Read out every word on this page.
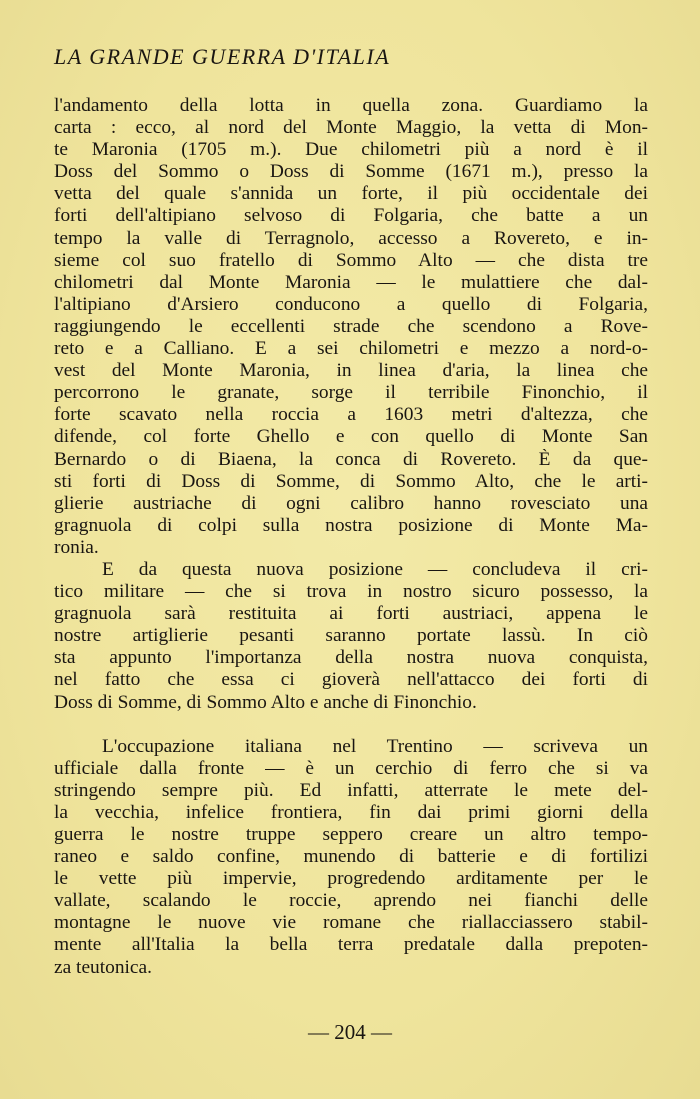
LA GRANDE GUERRA D'ITALIA
l'andamento della lotta in quella zona. Guardiamo la
carta : ecco, al nord del Monte Maggio, la vetta di Mon-
te Maronia (1705 m.). Due chilometri più a nord è il
Doss del Sommo o Doss di Somme (1671 m.), presso la
vetta del quale s'annida un forte, il più occidentale dei
forti dell'altipiano selvoso di Folgaria, che batte a un
tempo la valle di Terragnolo, accesso a Rovereto, e in-
sieme col suo fratello di Sommo Alto — che dista tre
chilometri dal Monte Maronia — le mulattiere che dal-
l'altipiano d'Arsiero conducono a quello di Folgaria,
raggiungendo le eccellenti strade che scendono a Rove-
reto e a Calliano. E a sei chilometri e mezzo a nord-o-
vest del Monte Maronia, in linea d'aria, la linea che
percorrono le granate, sorge il terribile Finonchio, il
forte scavato nella roccia a 1603 metri d'altezza, che
difende, col forte Ghello e con quello di Monte San
Bernardo o di Biaena, la conca di Rovereto. È da que-
sti forti di Doss di Somme, di Sommo Alto, che le arti-
glierie austriache di ogni calibro hanno rovesciato una
gragnuola di colpi sulla nostra posizione di Monte Ma-
ronia.
E da questa nuova posizione — concludeva il cri-
tico militare — che si trova in nostro sicuro possesso, la
gragnuola sarà restituita ai forti austriaci, appena le
nostre artiglierie pesanti saranno portate lassù. In ciò
sta appunto l'importanza della nostra nuova conquista,
nel fatto che essa ci gioverà nell'attacco dei forti di
Doss di Somme, di Sommo Alto e anche di Finonchio.
L'occupazione italiana nel Trentino — scriveva un
ufficiale dalla fronte — è un cerchio di ferro che si va
stringendo sempre più. Ed infatti, atterrate le mete del-
la vecchia, infelice frontiera, fin dai primi giorni della
guerra le nostre truppe seppero creare un altro tempo-
raneo e saldo confine, munendo di batterie e di fortilizi
le vette più impervie, progredendo arditamente per le
vallate, scalando le roccie, aprendo nei fianchi delle
montagne le nuove vie romane che riallacciassero stabil-
mente all'Italia la bella terra predatale dalla prepoten-
za teutonica.
— 204 —
